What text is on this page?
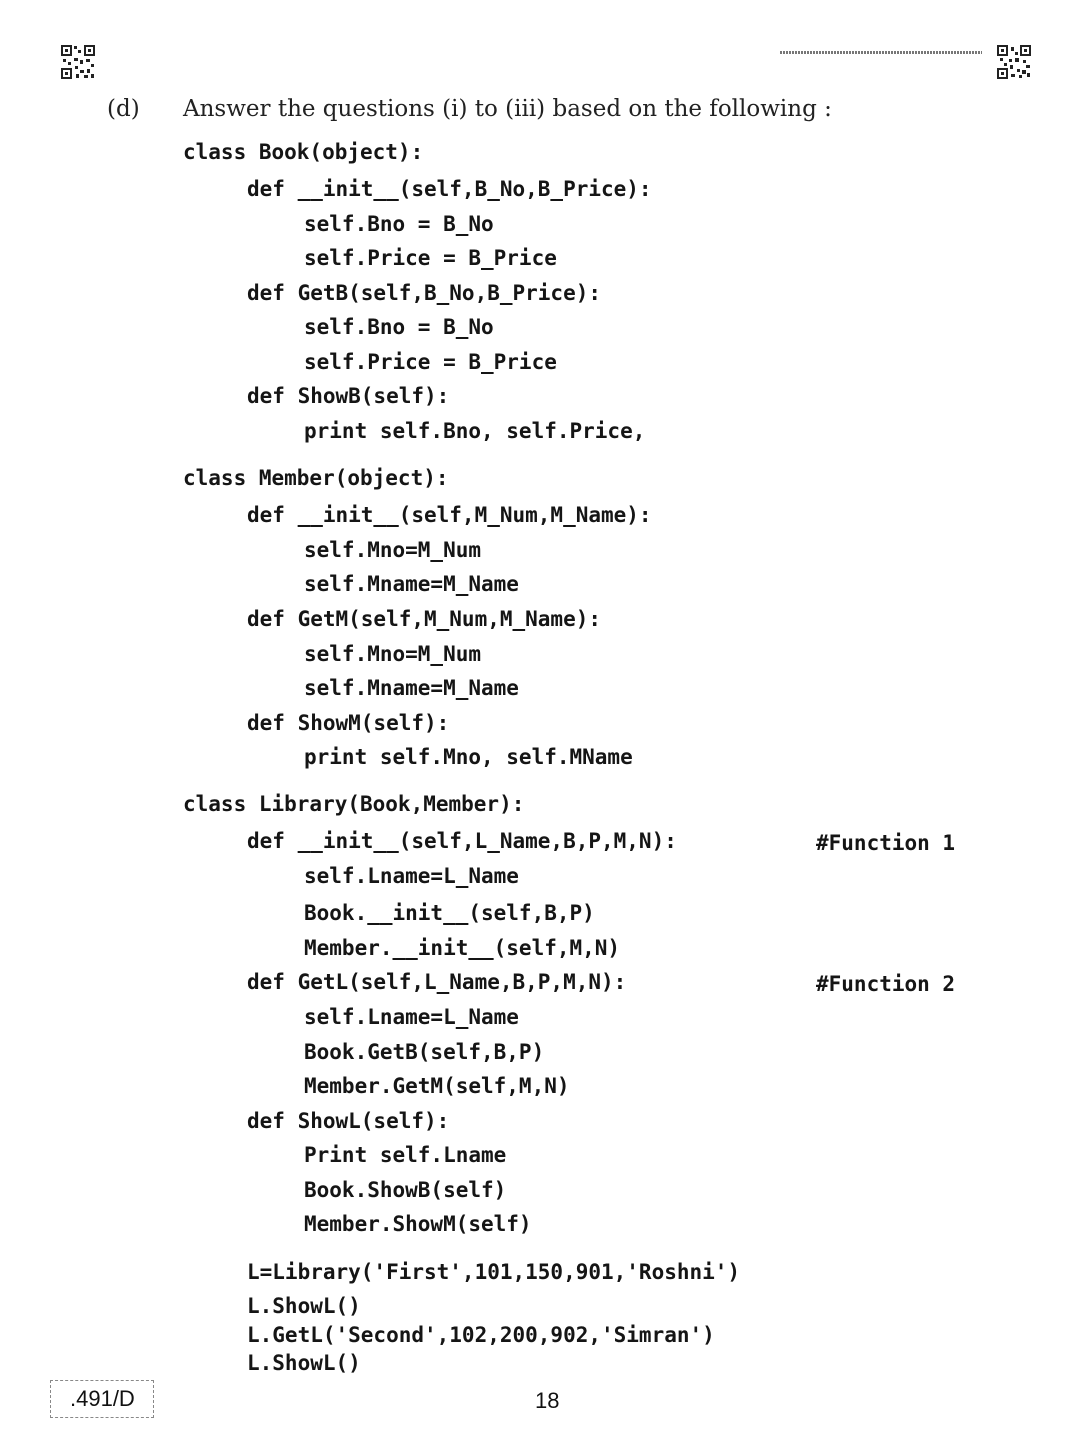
(d) Answer the questions (i) to (iii) based on the following :
class Book(object):
def __init__(self,B_No,B_Price):
self.Bno = B_No
self.Price = B_Price
def GetB(self,B_No,B_Price):
self.Bno = B_No
self.Price = B_Price
def ShowB(self):
print self.Bno, self.Price,
class Member(object):
def __init__(self,M_Num,M_Name):
self.Mno=M_Num
self.Mname=M_Name
def GetM(self,M_Num,M_Name):
self.Mno=M_Num
self.Mname=M_Name
def ShowM(self):
print self.Mno, self.MName
class Library(Book,Member):
def __init__(self,L_Name,B,P,M,N):	#Function 1
self.Lname=L_Name
Book.__init__(self,B,P)
Member.__init__(self,M,N)
def GetL(self,L_Name,B,P,M,N):	#Function 2
self.Lname=L_Name
Book.GetB(self,B,P)
Member.GetM(self,M,N)
def ShowL(self):
Print self.Lname
Book.ShowB(self)
Member.ShowM(self)
L=Library('First',101,150,901,'Roshni')
L.ShowL()
L.GetL('Second',102,200,902,'Simran')
L.ShowL()
.491/D	18
